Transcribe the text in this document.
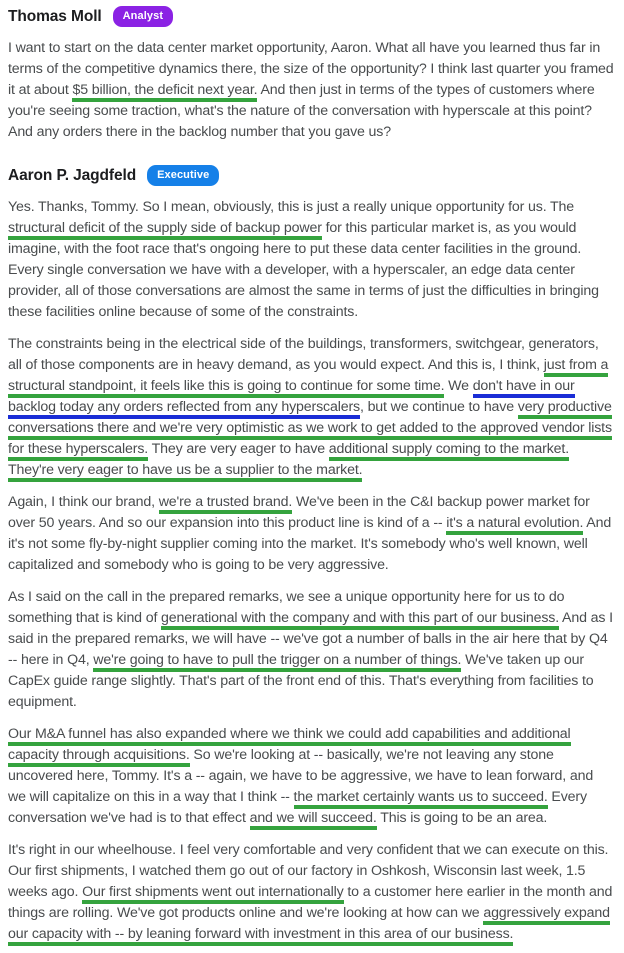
Thomas Moll	Analyst

I want to start on the data center market opportunity, Aaron. What all have you learned thus far in terms of the competitive dynamics there, the size of the opportunity? I think last quarter you framed it at about $5 billion, the deficit next year. And then just in terms of the types of customers where you're seeing some traction, what's the nature of the conversation with hyperscale at this point? And any orders there in the backlog number that you gave us?

Aaron P. Jagdfeld	Executive

Yes. Thanks, Tommy. So I mean, obviously, this is just a really unique opportunity for us. The structural deficit of the supply side of backup power for this particular market is, as you would imagine, with the foot race that's ongoing here to put these data center facilities in the ground. Every single conversation we have with a developer, with a hyperscaler, an edge data center provider, all of those conversations are almost the same in terms of just the difficulties in bringing these facilities online because of some of the constraints.

The constraints being in the electrical side of the buildings, transformers, switchgear, generators, all of those components are in heavy demand, as you would expect. And this is, I think, just from a structural standpoint, it feels like this is going to continue for some time. We don't have in our backlog today any orders reflected from any hyperscalers, but we continue to have very productive conversations there and we're very optimistic as we work to get added to the approved vendor lists for these hyperscalers. They are very eager to have additional supply coming to the market. They're very eager to have us be a supplier to the market.

Again, I think our brand, we're a trusted brand. We've been in the C&I backup power market for over 50 years. And so our expansion into this product line is kind of a -- it's a natural evolution. And it's not some fly-by-night supplier coming into the market. It's somebody who's well known, well capitalized and somebody who is going to be very aggressive.

As I said on the call in the prepared remarks, we see a unique opportunity here for us to do something that is kind of generational with the company and with this part of our business. And as I said in the prepared remarks, we will have -- we've got a number of balls in the air here that by Q4 -- here in Q4, we're going to have to pull the trigger on a number of things. We've taken up our CapEx guide range slightly. That's part of the front end of this. That's everything from facilities to equipment.

Our M&A funnel has also expanded where we think we could add capabilities and additional capacity through acquisitions. So we're looking at -- basically, we're not leaving any stone uncovered here, Tommy. It's a -- again, we have to be aggressive, we have to lean forward, and we will capitalize on this in a way that I think -- the market certainly wants us to succeed. Every conversation we've had is to that effect and we will succeed. This is going to be an area.

It's right in our wheelhouse. I feel very comfortable and very confident that we can execute on this. Our first shipments, I watched them go out of our factory in Oshkosh, Wisconsin last week, 1.5 weeks ago. Our first shipments went out internationally to a customer here earlier in the month and things are rolling. We've got products online and we're looking at how can we aggressively expand our capacity with -- by leaning forward with investment in this area of our business.
